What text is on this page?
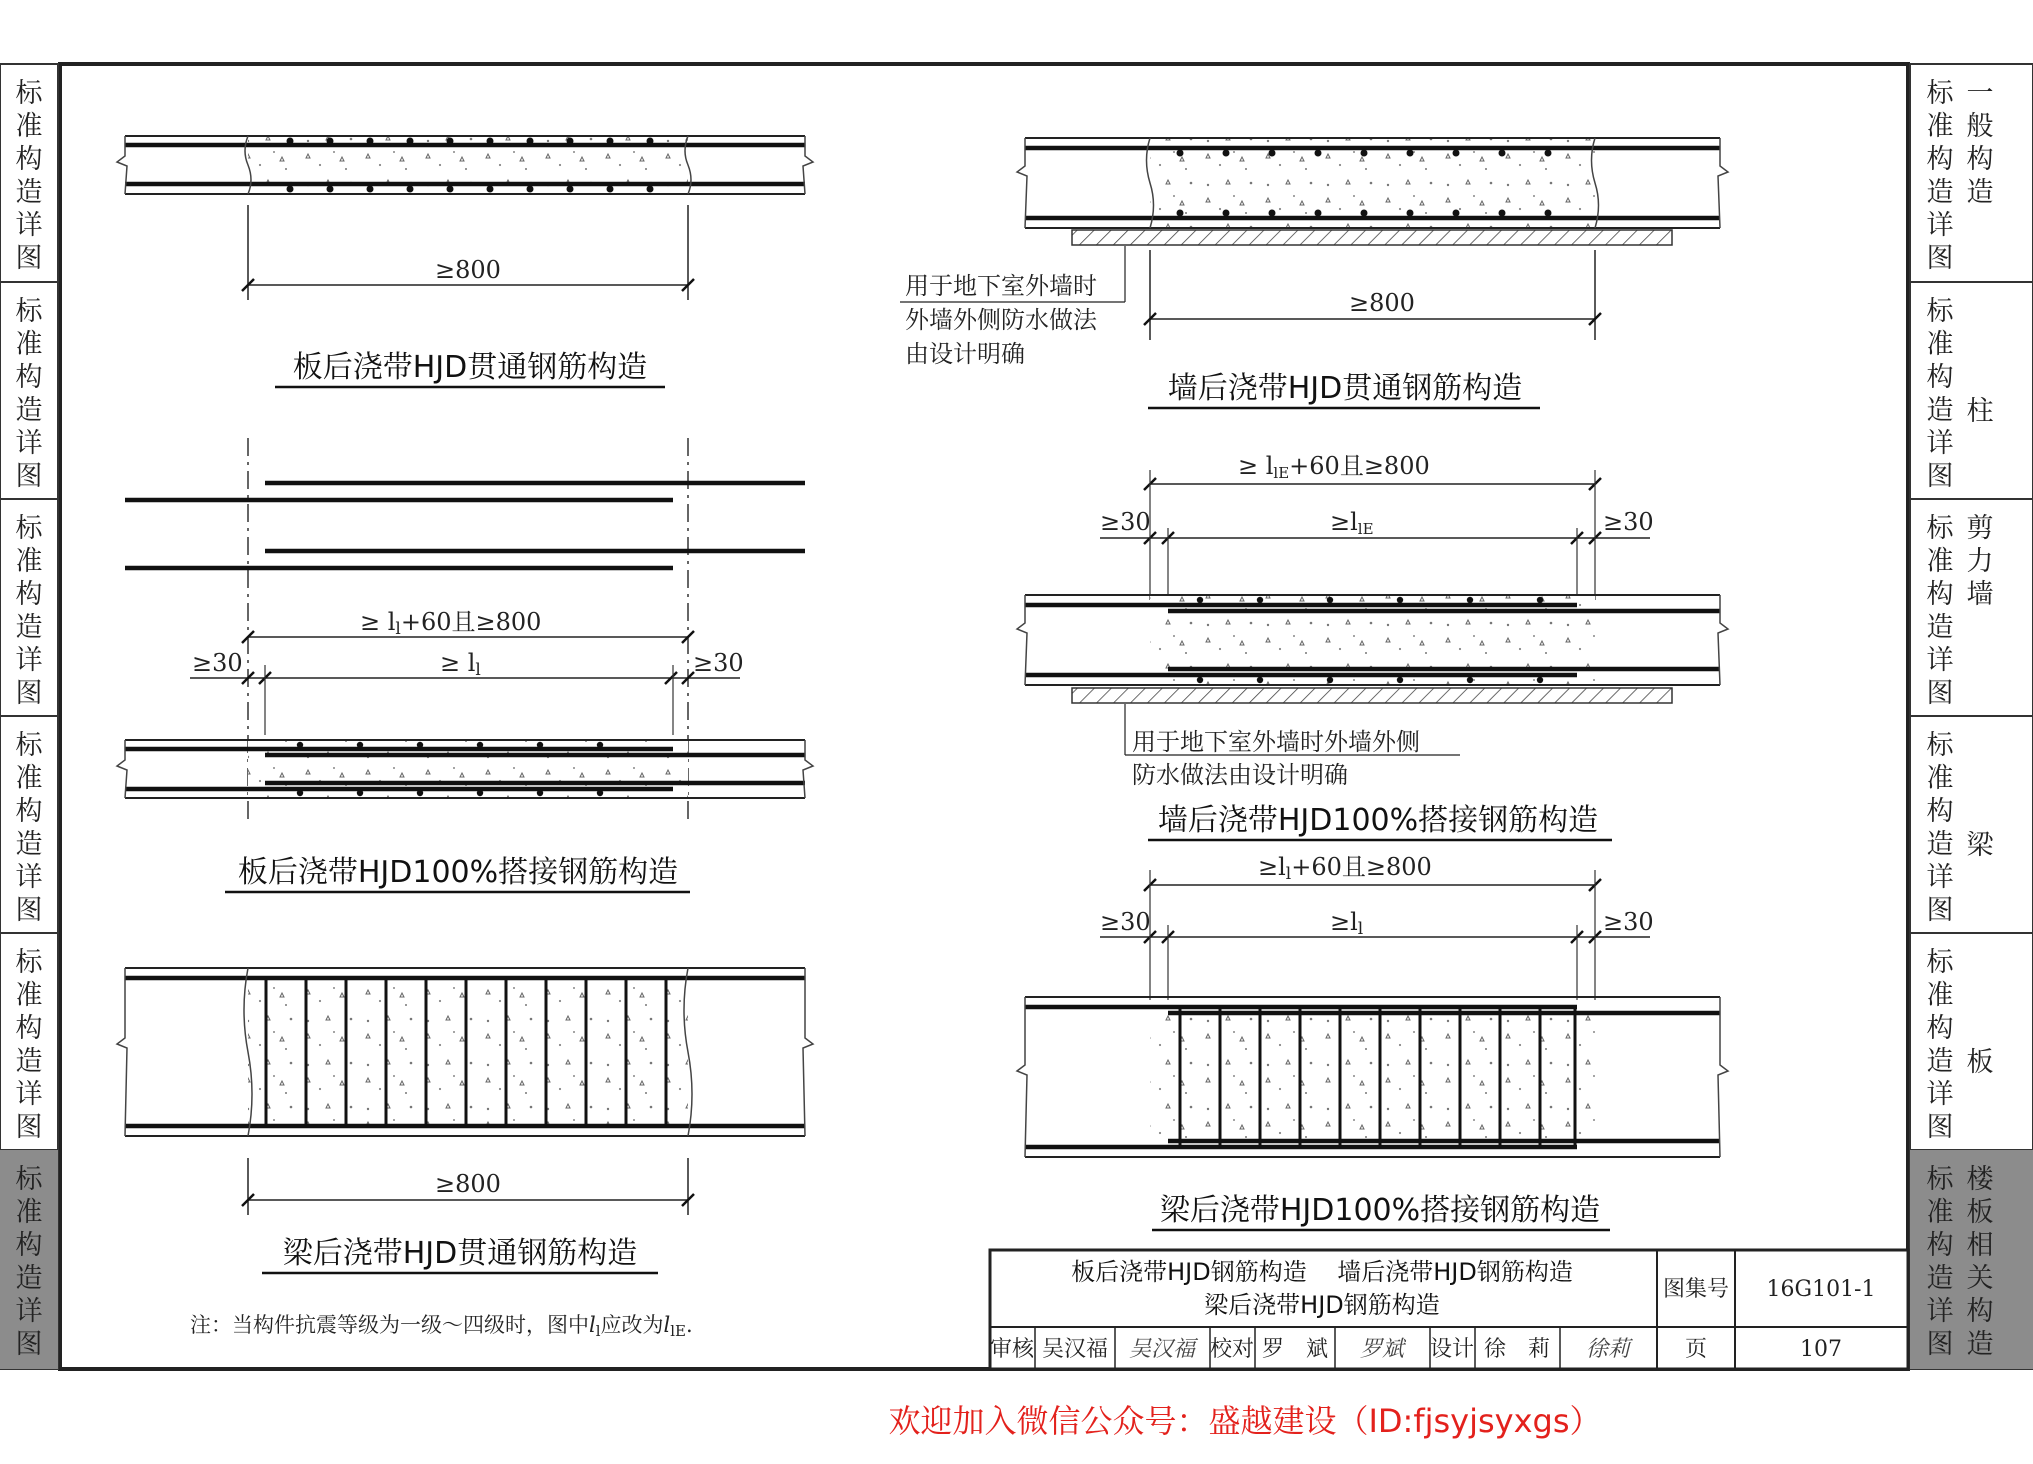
标准构造详图
标准构造详图
标准构造详图
标准构造详图
标准构造详图
标准构造详图
标准构造详图
一般构造
标准构造详图
柱
标准构造详图
剪力墙
标准构造详图
梁
标准构造详图
板
标准构造详图
楼板相关构造
≥800
板后浇带HJD贯通钢筋构造
≥ ll+60且≥800
≥ ll
≥30	≥30
板后浇带HJD100%搭接钢筋构造
≥800
梁后浇带HJD贯通钢筋构造
注：当构件抗震等级为一级～四级时，图中ll应改为llE.
≥800
用于地下室外墙时
外墙外侧防水做法
由设计明确
墙后浇带HJD贯通钢筋构造
≥ llE+60且≥800
≥llE
≥30	≥30
用于地下室外墙时外墙外侧
防水做法由设计明确
墙后浇带HJD100%搭接钢筋构造
≥ll+60且≥800
≥ll
≥30	≥30
梁后浇带HJD100%搭接钢筋构造
板后浇带HJD钢筋构造    墙后浇带HJD钢筋构造
梁后浇带HJD钢筋构造
图集号 16G101-1
审核 吴汉福 吴汉福 校对 罗　斌 罗斌 设计 徐　莉 徐莉 页	107
欢迎加入微信公众号：盛越建设（ID:fjsyjsyxgs）
